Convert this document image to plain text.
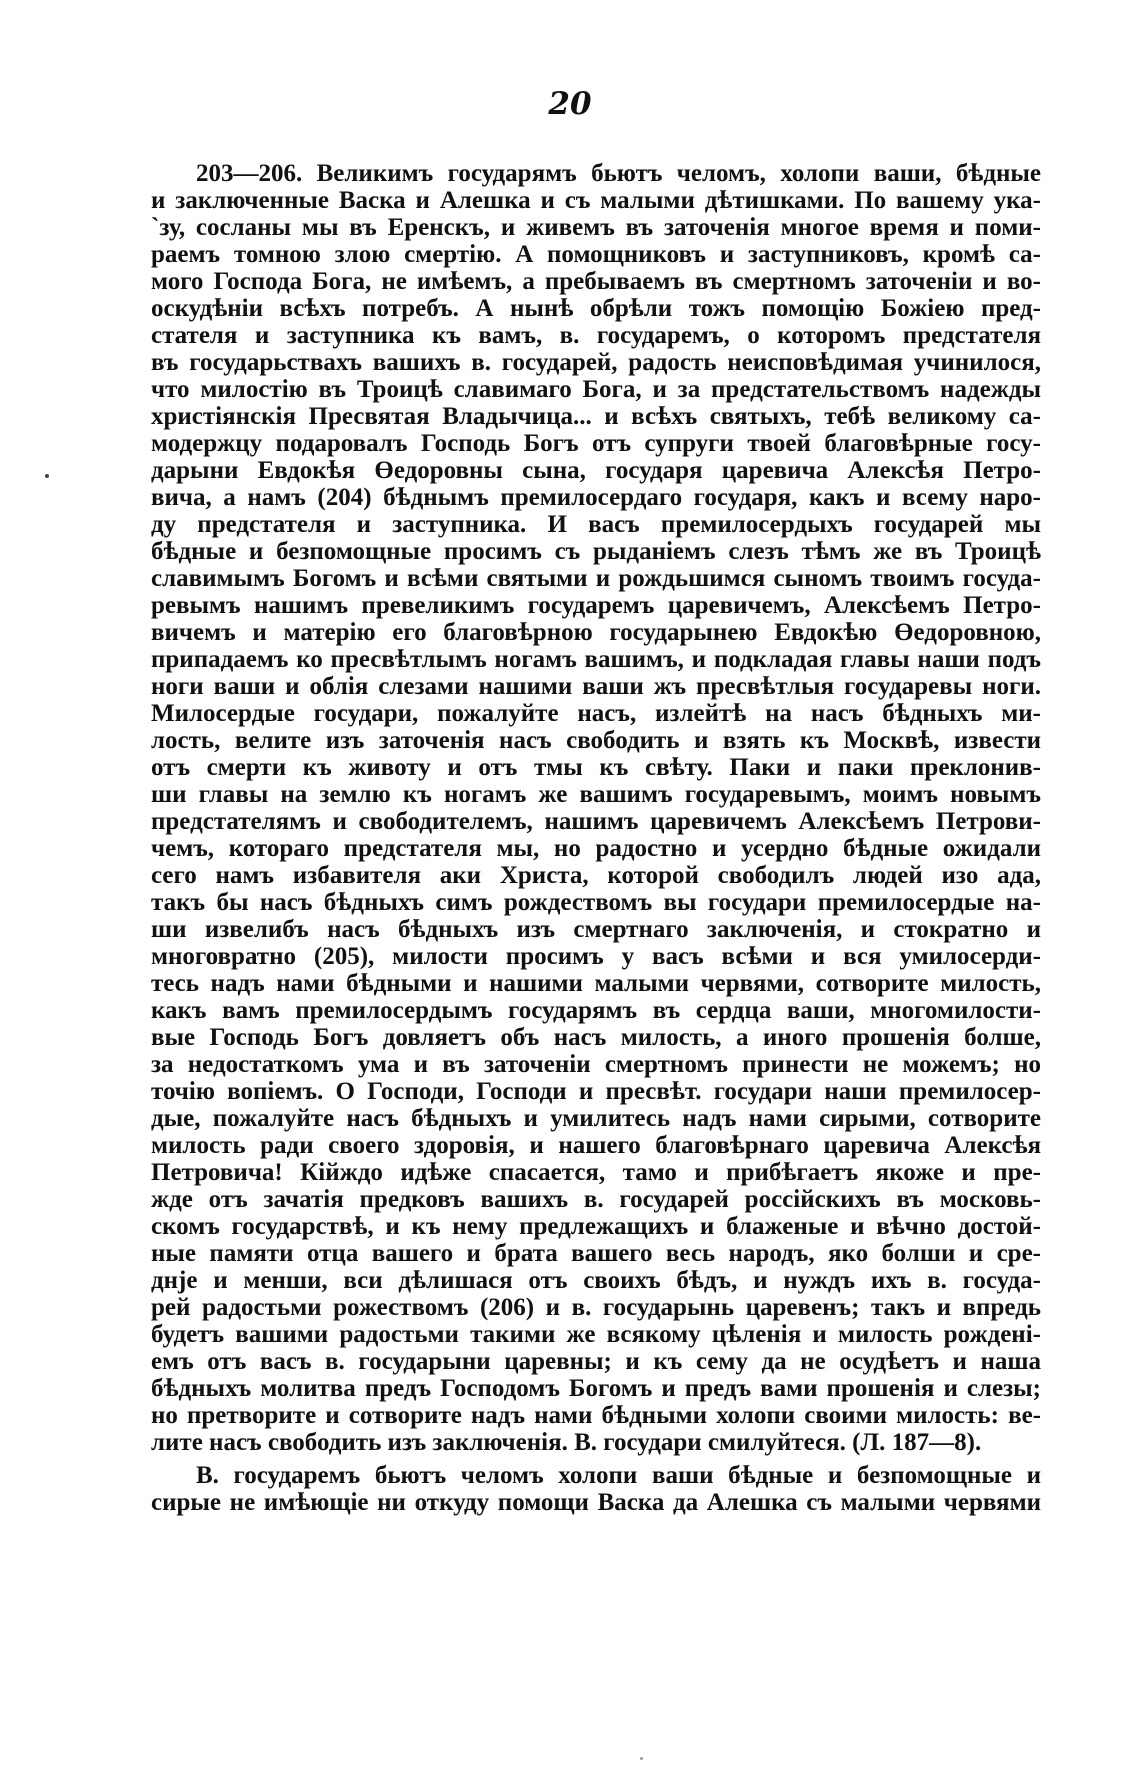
20
203—206. Великимъ государямъ бьютъ челомъ, холопи ваши, бѣдные
и заключенные Васка и Алешка и съ малыми дѣтишками. По вашему ука-
`зу, сосланы мы въ Еренскъ, и живемъ въ заточенія многое время и поми-
раемъ томною злою смертію. А помощниковъ и заступниковъ, кромѣ са-
мого Господа Бога, не имѣемъ, а пребываемъ въ смертномъ заточенiи и во-
оскудѣнiи всѣхъ потребъ. А нынѣ обрѣли тожъ помощію Божiею пред-
стателя и заступника къ вамъ, в. государемъ, о которомъ предстателя
въ государьствахъ вашихъ в. государей, радость неисповѣдимая учинилося,
что милостію въ Троицѣ славимаго Бога, и за предстательствомъ надежды
христіянскія Пресвятая Владычица... и всѣхъ святыхъ, тебѣ великому са-
модержцу подаровалъ Господь Богъ отъ супруги твоей благовѣрные госу-
дарыни Евдокѣя Өедоровны сына, государя царевича Алексѣя Петро-
вича, а намъ (204) бѣднымъ премилосердаго государя, какъ и всему наро-
ду предстателя и заступника. И васъ премилосердыхъ государей мы
бѣдные и безпомощные просимъ съ рыданіемъ слезъ тѣмъ же въ Троицѣ
славимымъ Богомъ и всѣми святыми и рождьшимся сыномъ твоимъ госуда-
ревымъ нашимъ превеликимъ государемъ царевичемъ, Алексѣемъ Петро-
вичемъ и матерію его благовѣрною государынею Евдокѣю Өедоровною,
припадаемъ ко пресвѣтлымъ ногамъ вашимъ, и подкладая главы наши подъ
ноги ваши и облія слезами нашими ваши жъ пресвѣтлыя государевы ноги.
Милосердые государи, пожалуйте насъ, излейтѣ на насъ бѣдныхъ ми-
лость, велите изъ заточенія насъ свободить и взять къ Москвѣ, извести
отъ смерти къ животу и отъ тмы къ свѣту. Паки и паки преклонив-
ши главы на землю къ ногамъ же вашимъ государевымъ, моимъ новымъ
предстателямъ и свободителемъ, нашимъ царевичемъ Алексѣемъ Петрови-
чемъ, котораго предстателя мы, но радостно и усердно бѣдные ожидали
сего намъ избавителя аки Христа, которой свободилъ людей изо ада,
такъ бы насъ бѣдныхъ симъ рождествомъ вы государи премилосердые на-
ши извелибъ насъ бѣдныхъ изъ смертнаго заключенія, и стократно и
многовратно (205), милости просимъ у васъ всѣми и вся умилосерди-
тесь надъ нами бѣдными и нашими малыми червями, сотворите милость,
какъ вамъ премилосердымъ государямъ въ сердца ваши, многомилости-
вые Господь Богъ довляетъ объ насъ милость, а иного прошенія болше,
за недостаткомъ ума и въ заточеніи смертномъ принести не можемъ; но
точію вопіемъ. О Господи, Господи и пресвѣт. государи наши премилосер-
дые, пожалуйте насъ бѣдныхъ и умилитесь надъ нами сирыми, сотворите
милость ради своего здоровія, и нашего благовѣрнаго царевича Алексѣя
Петровича! Кійждо идѣже спасается, тамо и прибѣгаетъ якоже и пре-
жде отъ зачатія предковъ вашихъ в. государей россійскихъ въ московь-
скомъ государствѣ, и къ нему предлежащихъ и блаженые и вѣчно достой-
ные памяти отца вашего и брата вашего весь народъ, яко болши и сре-
днје и менши, вси дѣлишася отъ своихъ бѣдъ, и нуждъ ихъ в. госуда-
рей радостьми рожествомъ (206) и в. государынь царевенъ; такъ и впредь
будетъ вашими радостьми такими же всякому цѣленія и милость рожденi-
емъ отъ васъ в. государыни царевны; и къ сему да не осудѣетъ и наша
бѣдныхъ молитва предъ Господомъ Богомъ и предъ вами прошенія и слезы;
но претворите и сотворите надъ нами бѣдными холопи своими милость: ве-
лите насъ свободить изъ заключенія. В. государи смилуйтеся. (Л. 187—8).
В. государемъ бьютъ челомъ холопи ваши бѣдные и безпомощные и
сирые не имѣющіе ни откуду помощи Васка да Алешка съ малыми червями
